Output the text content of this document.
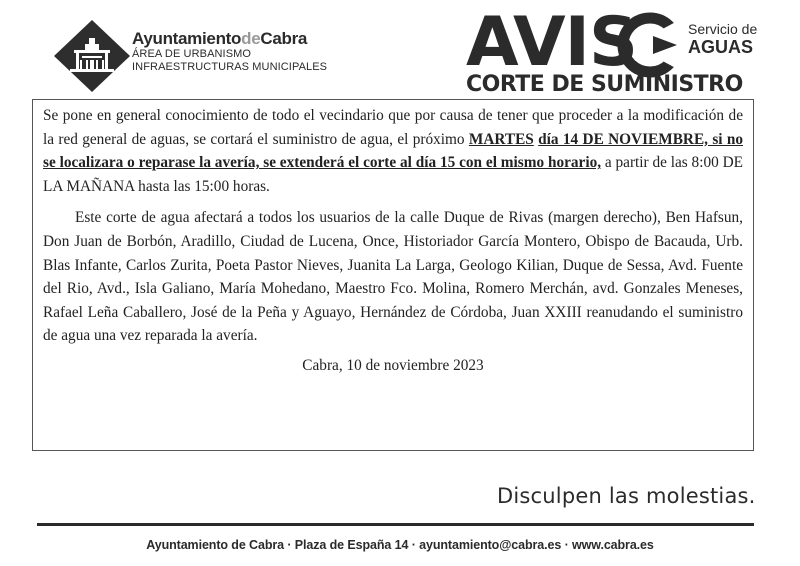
AyuntamientodeCabra
ÁREA DE URBANISMO
INFRAESTRUCTURAS MUNICIPALES AVIS	Servicio de
AGUAS
CORTE DE SUMINISTRO

Se pone en general conocimiento de todo el vecindario que por causa de tener que proceder a la modificación de la red general de aguas, se cortará el suministro de agua, el próximo MARTES día 14 DE NOVIEMBRE, si no se localizara o reparase la avería, se extenderá el corte al día 15 con el mismo horario, a partir de las 8:00 DE LA MAÑANA hasta las 15:00 horas.

Este corte de agua afectará a todos los usuarios de la calle Duque de Rivas (margen derecho), Ben Hafsun, Don Juan de Borbón, Aradillo, Ciudad de Lucena, Once, Historiador García Montero, Obispo de Bacauda, Urb. Blas Infante, Carlos Zurita, Poeta Pastor Nieves, Juanita La Larga, Geologo Kilian, Duque de Sessa, Avd. Fuente del Rio, Avd., Isla Galiano, María Mohedano, Maestro Fco. Molina, Romero Merchán, avd. Gonzales Meneses, Rafael Leña Caballero, José de la Peña y Aguayo, Hernández de Córdoba, Juan XXIII reanudando el suministro de agua una vez reparada la avería.

Cabra, 10 de noviembre 2023

Disculpen las molestias.
Ayuntamiento de Cabra · Plaza de España 14 · ayuntamiento@cabra.es · www.cabra.es
